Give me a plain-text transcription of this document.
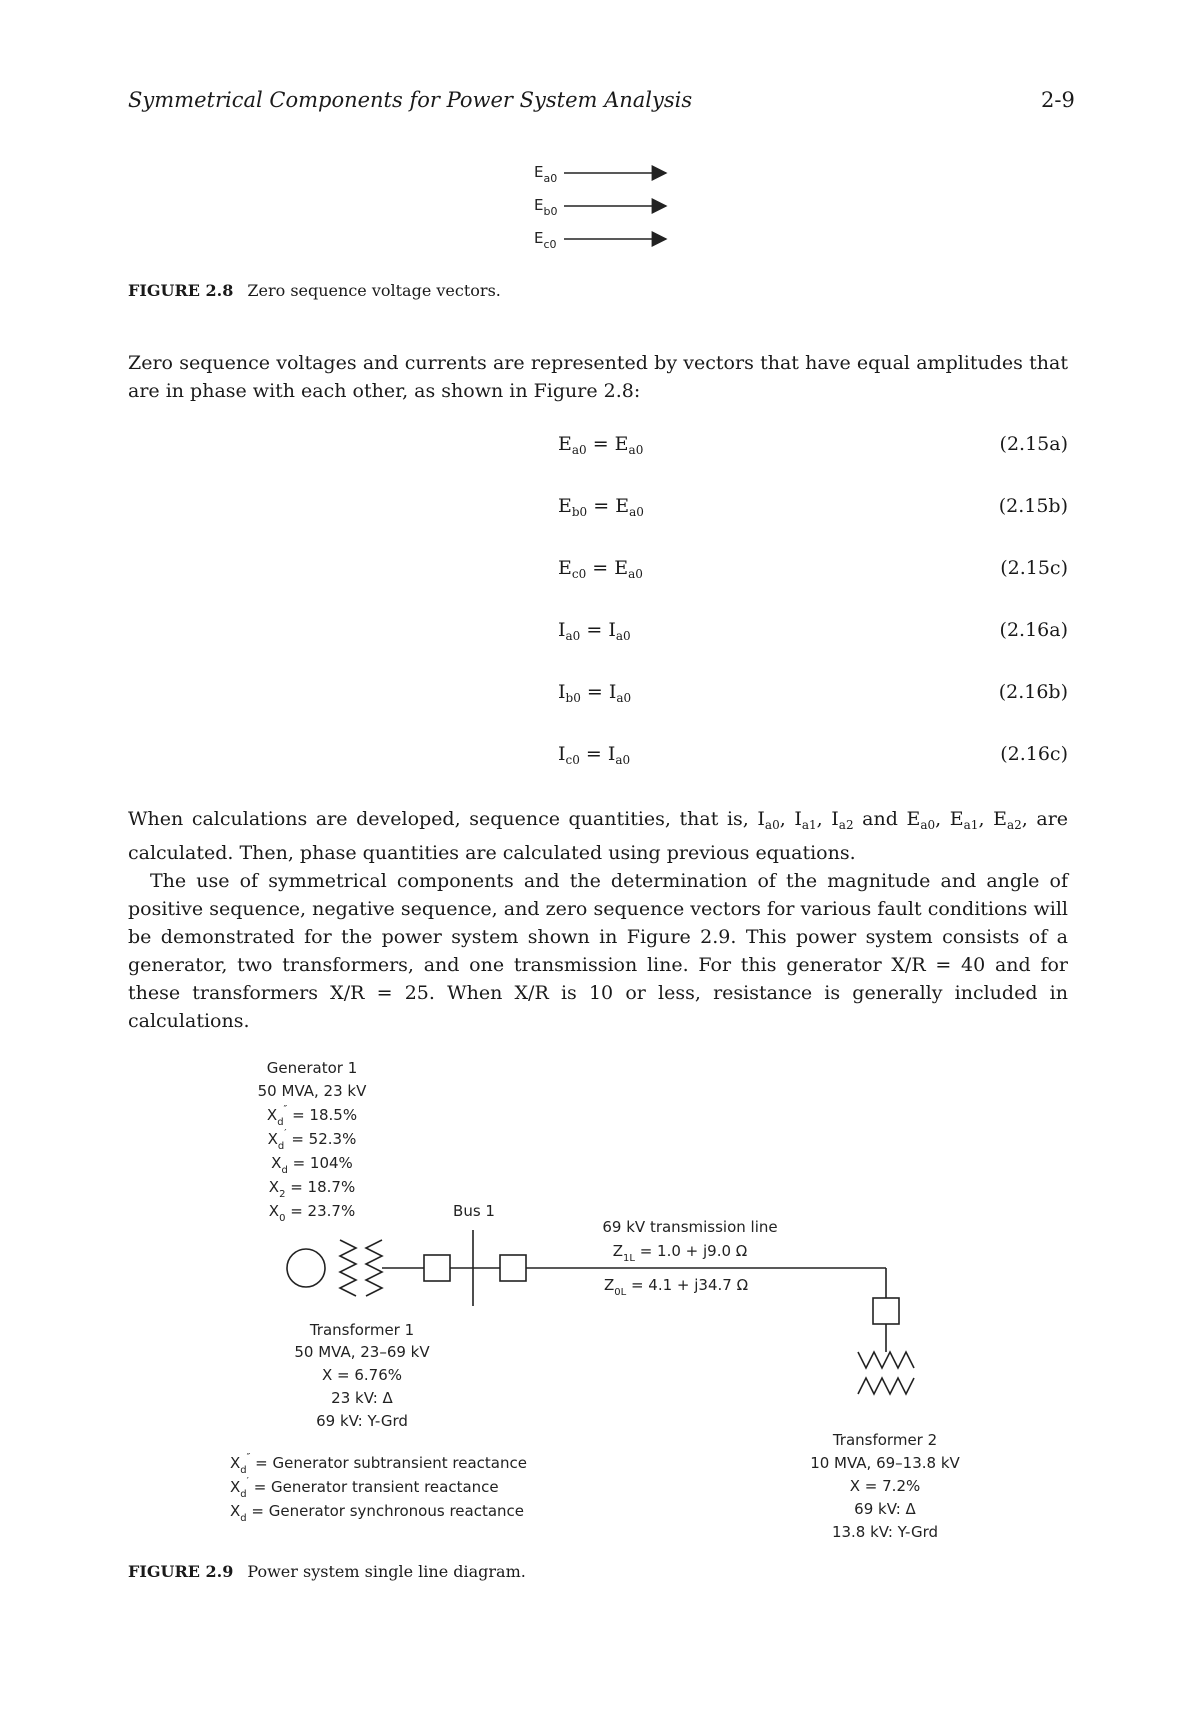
Symmetrical Components for Power System Analysis	2-9
$E_{a0}$
$E_{b0}$
$E_{c0}$
FIGURE 2.8 Zero sequence voltage vectors.

Zero sequence voltages and currents are represented by vectors that have equal amplitudes that are in phase with each other, as shown in Figure 2.8:

$E_{a0} = E_{a0}$	(2.15a)
$E_{b0} = E_{a0}$	(2.15b)
$E_{c0} = E_{a0}$	(2.15c)
$I_{a0} = I_{a0}$	(2.16a)
$I_{b0} = I_{a0}$	(2.16b)
$I_{c0} = I_{a0}$	(2.16c)

When calculations are developed, sequence quantities, that is, $I_{a0}$, $I_{a1}$, $I_{a2}$ and $E_{a0}$, $E_{a1}$, $E_{a2}$, are calculated. Then, phase quantities are calculated using previous equations.

The use of symmetrical components and the determination of the magnitude and angle of positive sequence, negative sequence, and zero sequence vectors for various fault conditions will be demonstrated for the power system shown in Figure 2.9. This power system consists of a generator, two transformers, and one transmission line. For this generator X/R = 40 and for these transformers X/R = 25. When X/R is 10 or less, resistance is generally included in calculations.

Generator 1
50 MVA, 23 kV
$X_d'' = 18.5\%$
$X_d' = 52.3\%$
$X_d = 104\%$
$X_2 = 18.7\%$
$X_0 = 23.7\%$	Bus 1
69 kV transmission line
$Z_{1L} = 1.0 + j9.0$ Ω
$Z_{0L} = 4.1 + j34.7$ Ω
Transformer 1
50 MVA, 23–69 kV
X = 6.76%
23 kV: Δ
69 kV: Y-Grd
$X_d''$ = Generator subtransient reactance
$X_d'$ = Generator transient reactance
$X_d$ = Generator synchronous reactance
Transformer 2
10 MVA, 69–13.8 kV
X = 7.2%
69 kV: Δ
13.8 kV: Y-Grd
FIGURE 2.9 Power system single line diagram.
